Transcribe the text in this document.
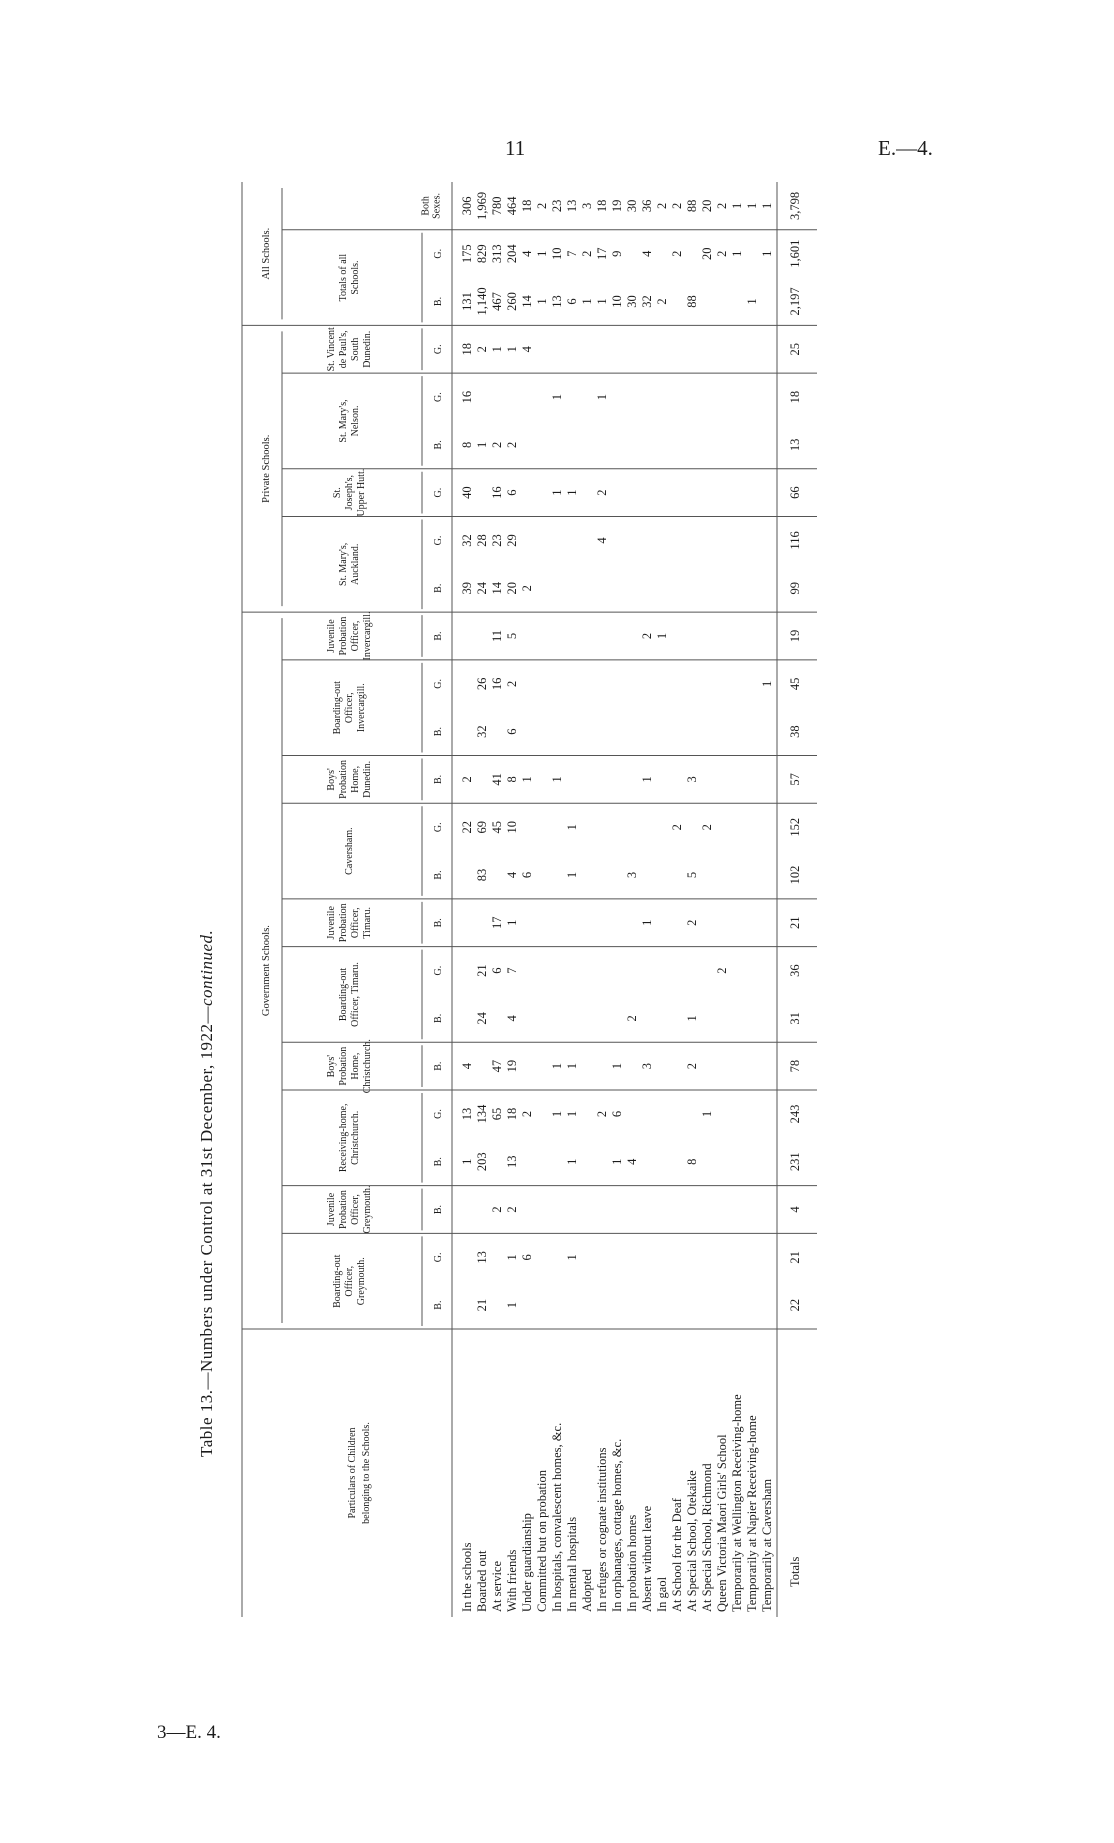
11	E.—4.
3—E. 4.
Table 13.—Numbers under Control at 31st December, 1922—continued.	Government Schools.
Private Schools.
All Schools.
Particulars of Children belonging to the Schools.
Boarding-outOfficer,Greymouth.
JuvenileProbationOfficer,Greymouth.
Receiving-home,Christchurch.
Boys'ProbationHome,Christchurch.
Boarding-outOfficer, Timaru.
JuvenileProbationOfficer,Timaru.
Caversham.
Boys'ProbationHome,Dunedin.
Boarding-outOfficer,Invercargill.
JuvenileProbationOfficer,Invercargill.
St. Mary's,Auckland.
St.Joseph's,Upper Hutt.
St. Mary's,Nelson.
St. Vincentde Paul's,SouthDunedin.
Totals of allSchools.
BothSexes.
B.
G.
B.
B.
G.
B.
B.
G.
B.
B.
G.
B.
B.
G.
B.
B.
G.
G.
B.
G.
G.
B.
G.
In the schools
1
13
4
22
2
39
32
40
8
16
18
131
175
306
Boarded out
21
13
203
134
24
21
83
69
32
26
24
28
1
2
1,140
829
1,969
At service
2
65
47
6
17
45
41
16
11
14
23
16
2
1
467
313
780
With friends
1
1
2
13
18
19
4
7
1
4
10
8
6
2
5
20
29
6
2
1
260
204
464
Under guardianship
6
2
6
1
2
4
14
4
18
Committed but on probation
1
1
2
In hospitals, convalescent homes, &c.
1
1
1
1
1
13
10
23
In mental hospitals
1
1
1
1
1
1
1
6
7
13
Adopted
1
2
3
In refuges or cognate institutions
2
4
2
1
1
17
18
In orphanages, cottage homes, &c.
1
6
1
10
9
19
In probation homes
4
2
3
30
30
Absent without leave
3
1
1
2
32
4
36
In gaol
1
2
2
At School for the Deaf
2
2
2
At Special School, Otekaike
8
2
1
2
5
3
88
88
At Special School, Richmond
1
2
20
20
Queen Victoria Maori Girls' School
2
2
2
Temporarily at Wellington Receiving-home
1
1
Temporarily at Napier Receiving-home
1
1
Temporarily at Caversham
1
1
1
Totals
22
21
4
231
243
78
31
36
21
102
152
57
38
45
19
99
116
66
13
18
25
2,197
1,601
3,798
